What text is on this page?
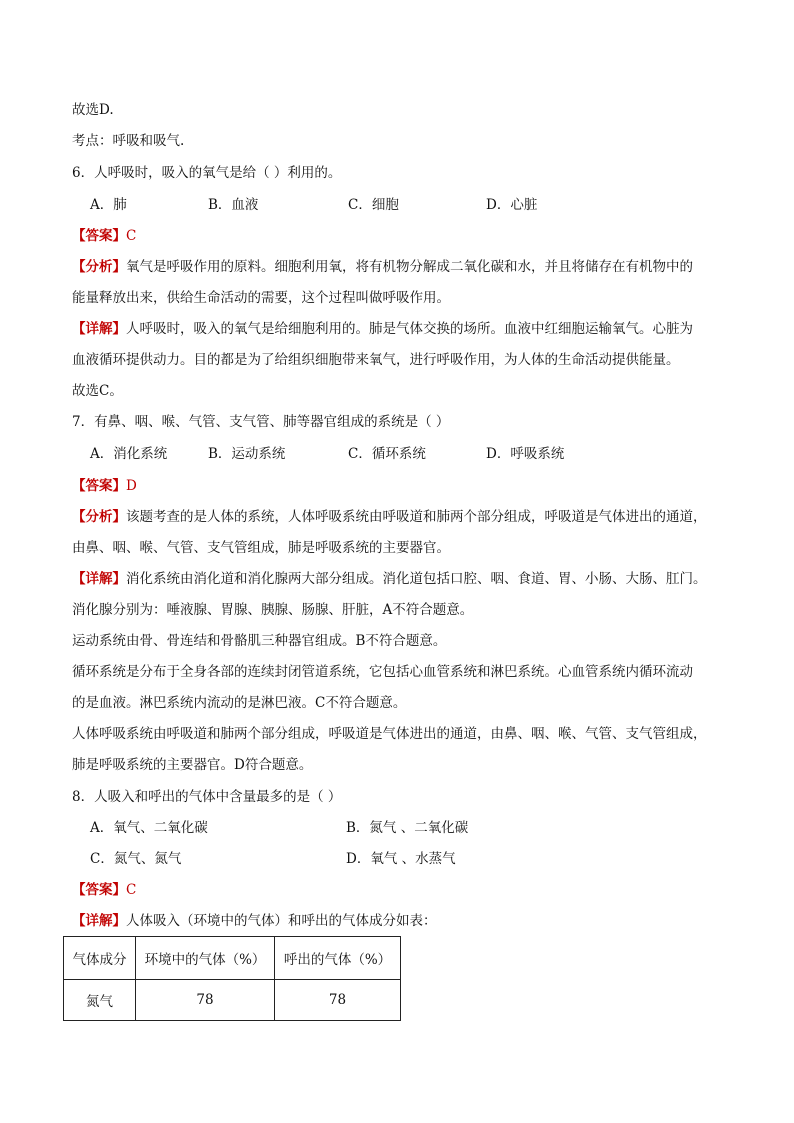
故选D.
考点：呼吸和吸气.
6．人呼吸时，吸入的氧气是给（ ）利用的。
A．肺	B．血液	C．细胞	D．心脏
【答案】C
【分析】氧气是呼吸作用的原料。细胞利用氧，将有机物分解成二氧化碳和水，并且将储存在有机物中的
能量释放出来，供给生命活动的需要，这个过程叫做呼吸作用。
【详解】人呼吸时，吸入的氧气是给细胞利用的。肺是气体交换的场所。血液中红细胞运输氧气。心脏为
血液循环提供动力。目的都是为了给组织细胞带来氧气，进行呼吸作用，为人体的生命活动提供能量。
故选C。
7．有鼻、咽、喉、气管、支气管、肺等器官组成的系统是（ ）
A．消化系统	B．运动系统	C．循环系统	D．呼吸系统
【答案】D
【分析】该题考查的是人体的系统，人体呼吸系统由呼吸道和肺两个部分组成，呼吸道是气体进出的通道，
由鼻、咽、喉、气管、支气管组成，肺是呼吸系统的主要器官。
【详解】消化系统由消化道和消化腺两大部分组成。消化道包括口腔、咽、食道、胃、小肠、大肠、肛门。
消化腺分别为：唾液腺、胃腺、胰腺、肠腺、肝脏，A不符合题意。
运动系统由骨、骨连结和骨骼肌三种器官组成。B不符合题意。
循环系统是分布于全身各部的连续封闭管道系统，它包括心血管系统和淋巴系统。心血管系统内循环流动
的是血液。淋巴系统内流动的是淋巴液。C不符合题意。
人体呼吸系统由呼吸道和肺两个部分组成，呼吸道是气体进出的通道，由鼻、咽、喉、气管、支气管组成，
肺是呼吸系统的主要器官。D符合题意。
8．人吸入和呼出的气体中含量最多的是（ ）
A．氧气、二氧化碳	B．氮气 、二氧化碳
C．氮气、氮气	D．氧气 、水蒸气
【答案】C
【详解】人体吸入（环境中的气体）和呼出的气体成分如表：
气体成分	环境中的气体（%）	呼出的气体（%）
氮气	78	78
